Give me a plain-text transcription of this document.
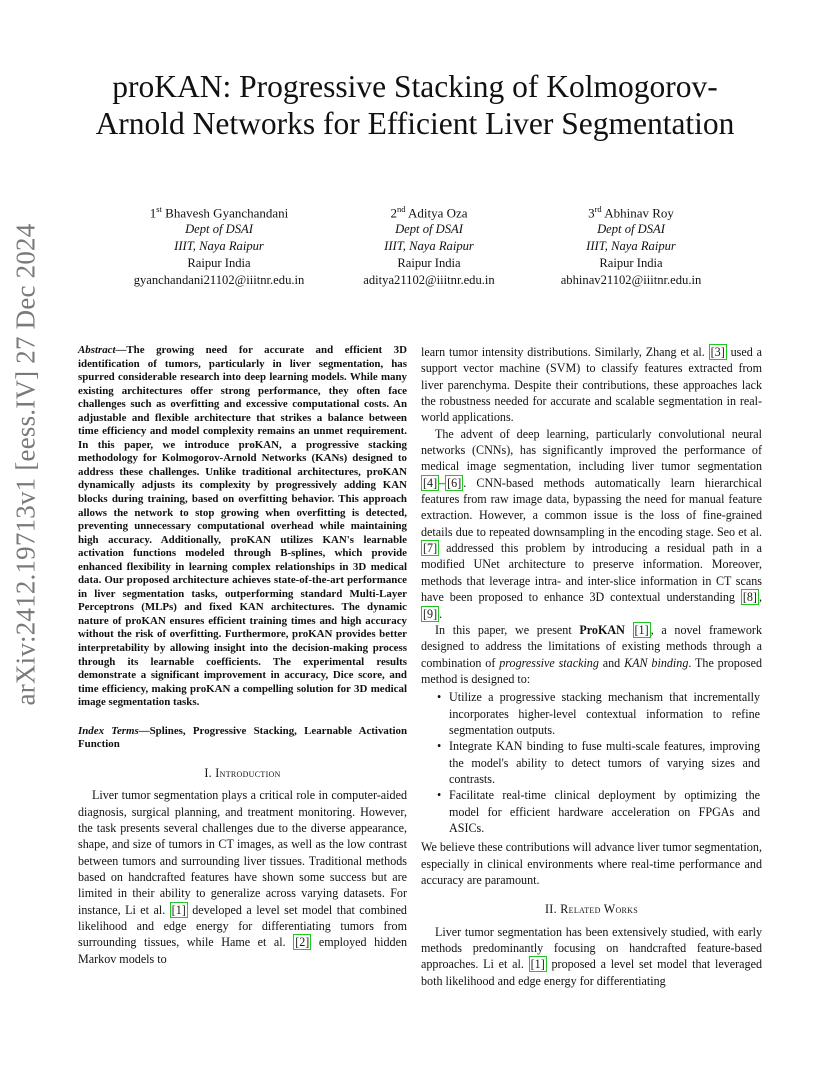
arXiv:2412.19713v1 [eess.IV] 27 Dec 2024
proKAN: Progressive Stacking of Kolmogorov-Arnold Networks for Efficient Liver Segmentation
1st Bhavesh Gyanchandani
Dept of DSAI
IIIT, Naya Raipur
Raipur India
gyanchandani21102@iiitnr.edu.in
2nd Aditya Oza
Dept of DSAI
IIIT, Naya Raipur
Raipur India
aditya21102@iiitnr.edu.in
3rd Abhinav Roy
Dept of DSAI
IIIT, Naya Raipur
Raipur India
abhinav21102@iiitnr.edu.in

Abstract—The growing need for accurate and efficient 3D identification of tumors, particularly in liver segmentation, has spurred considerable research into deep learning models. While many existing architectures offer strong performance, they often face challenges such as overfitting and excessive computational costs. An adjustable and flexible architecture that strikes a balance between time efficiency and model complexity remains an unmet requirement. In this paper, we introduce proKAN, a progressive stacking methodology for Kolmogorov-Arnold Networks (KANs) designed to address these challenges. Unlike traditional architectures, proKAN dynamically adjusts its complexity by progressively adding KAN blocks during training, based on overfitting behavior. This approach allows the network to stop growing when overfitting is detected, preventing unnecessary computational overhead while maintaining high accuracy. Additionally, proKAN utilizes KAN's learnable activation functions modeled through B-splines, which provide enhanced flexibility in learning complex relationships in 3D medical data. Our proposed architecture achieves state-of-the-art performance in liver segmentation tasks, outperforming standard Multi-Layer Perceptrons (MLPs) and fixed KAN architectures. The dynamic nature of proKAN ensures efficient training times and high accuracy without the risk of overfitting. Furthermore, proKAN provides better interpretability by allowing insight into the decision-making process through its learnable coefficients. The experimental results demonstrate a significant improvement in accuracy, Dice score, and time efficiency, making proKAN a compelling solution for 3D medical image segmentation tasks.

Index Terms—Splines, Progressive Stacking, Learnable Activation Function

I. Introduction

Liver tumor segmentation plays a critical role in computer-aided diagnosis, surgical planning, and treatment monitoring. However, the task presents several challenges due to the diverse appearance, shape, and size of tumors in CT images, as well as the low contrast between tumors and surrounding liver tissues. Traditional methods based on handcrafted features have shown some success but are limited in their ability to generalize across varying datasets. For instance, Li et al. [1] developed a level set model that combined likelihood and edge energy for differentiating tumors from surrounding tissues, while Hame et al. [2] employed hidden Markov models to

learn tumor intensity distributions. Similarly, Zhang et al. [3] used a support vector machine (SVM) to classify features extracted from liver parenchyma. Despite their contributions, these approaches lack the robustness needed for accurate and scalable segmentation in real-world applications.

The advent of deep learning, particularly convolutional neural networks (CNNs), has significantly improved the performance of medical image segmentation, including liver tumor segmentation [4] – [6] . CNN-based methods automatically learn hierarchical features from raw image data, bypassing the need for manual feature extraction. However, a common issue is the loss of fine-grained details due to repeated downsampling in the encoding stage. Seo et al. [7] addressed this problem by introducing a residual path in a modified UNet architecture to preserve information. Moreover, methods that leverage intra- and inter-slice information in CT scans have been proposed to enhance 3D contextual understanding [8] , [9] .

In this paper, we present ProKAN [1] , a novel framework designed to address the limitations of existing methods through a combination of progressive stacking and KAN binding. The proposed method is designed to:

• Utilize a progressive stacking mechanism that incrementally incorporates higher-level contextual information to refine segmentation outputs.
• Integrate KAN binding to fuse multi-scale features, improving the model's ability to detect tumors of varying sizes and contrasts.
• Facilitate real-time clinical deployment by optimizing the model for efficient hardware acceleration on FPGAs and ASICs.

We believe these contributions will advance liver tumor segmentation, especially in clinical environments where real-time performance and accuracy are paramount.

II. Related Works

Liver tumor segmentation has been extensively studied, with early methods predominantly focusing on handcrafted feature-based approaches. Li et al. [1] proposed a level set model that leveraged both likelihood and edge energy for differentiating
